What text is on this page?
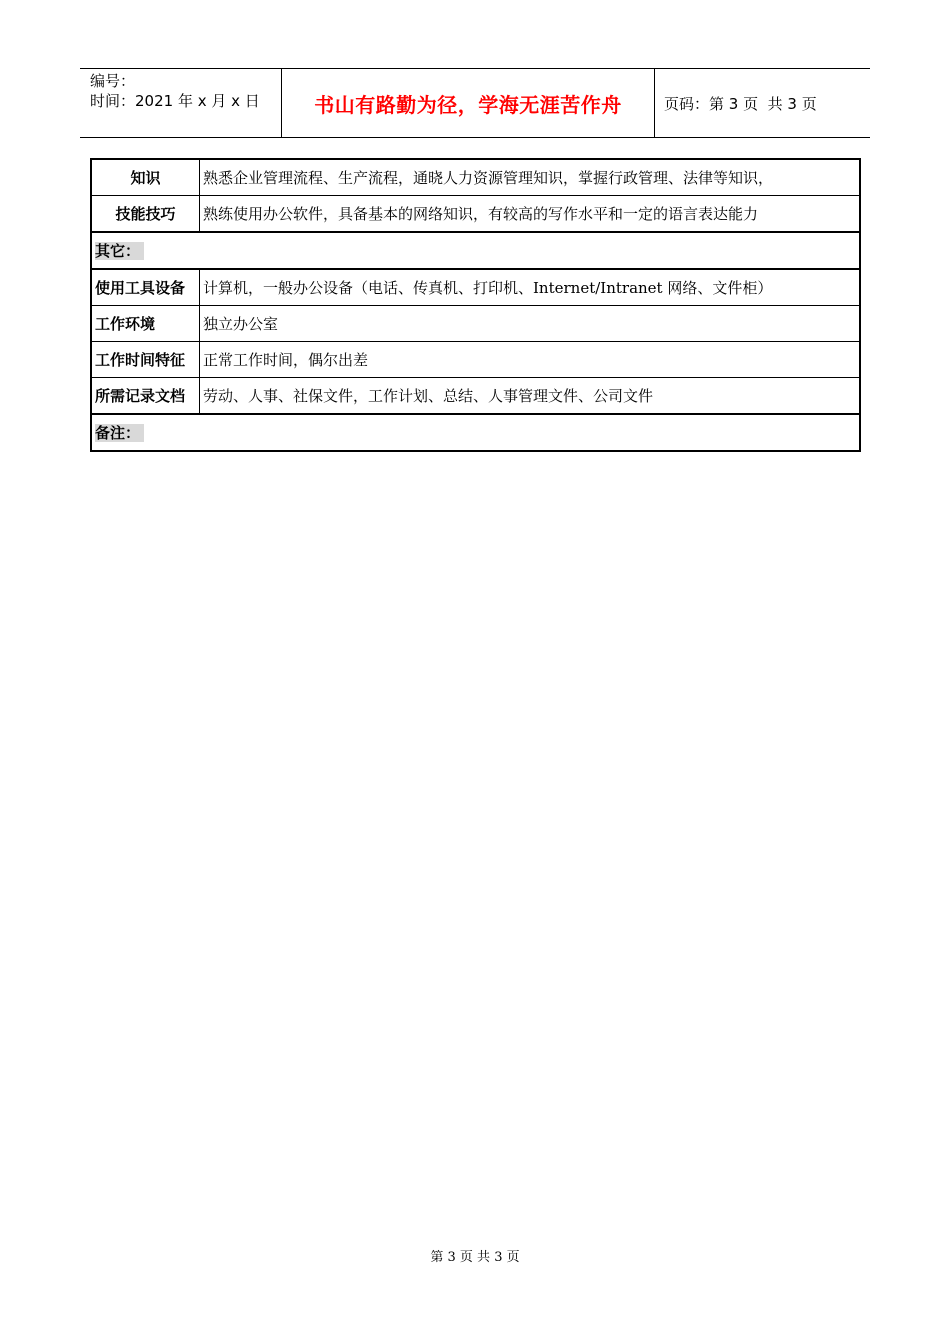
编号：
时间：2021 年 x 月 x 日	书山有路勤为径，学海无涯苦作舟	页码：第 3 页  共 3 页
知识	熟悉企业管理流程、生产流程，通晓人力资源管理知识，掌握行政管理、法律等知识，
技能技巧	熟练使用办公软件，具备基本的网络知识，有较高的写作水平和一定的语言表达能力
其它：	
使用工具设备	计算机，一般办公设备（电话、传真机、打印机、Internet/Intranet 网络、文件柜）
工作环境	独立办公室
工作时间特征	正常工作时间，偶尔出差
所需记录文档	劳动、人事、社保文件，工作计划、总结、人事管理文件、公司文件
备注：	
第 3 页 共 3 页
